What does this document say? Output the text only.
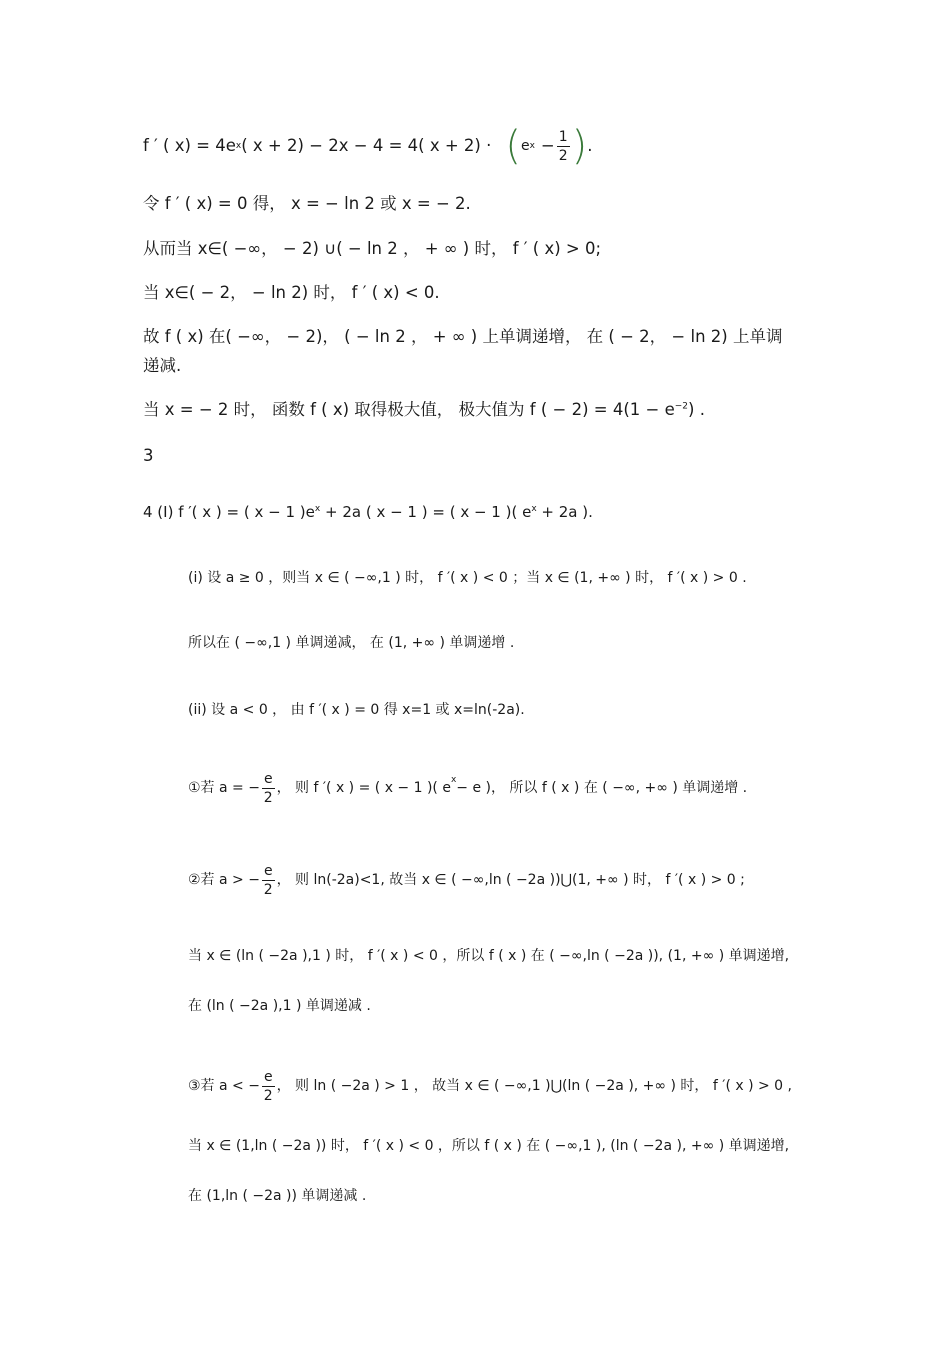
f ′ ( x) = 4e x ( x + 2) − 2x − 4 = 4( x + 2) · ( e $x - \frac{1}{2}$ ) .
令 f ′ ( x) = 0 得， x = − ln 2 或 x = − 2.
从而当 x∈( −∞， − 2) ∪( − ln 2 ， + ∞ ) 时， f ′ ( x) > 0;
当 x∈( − 2， − ln 2) 时， f ′ ( x) < 0.
故 f ( x) 在( −∞， − 2)， ( − ln 2 ， + ∞ ) 上单调递增， 在 ( − 2， − ln 2) 上单调
递减.
当 x = − 2 时， 函数 f ( x) 取得极大值， 极大值为 f ( − $2) = 4(1 - e^{-2})$ .
3
4 (I) f ′( x ) = ( x − 1 )$e^x + 2a$ ( x − 1 ) = ( x − 1 )( $e^x + 2a$ ).
(i) 设 a ≥ 0 ，则当 x ∈ ( −∞,1 ) 时， f ′( x ) < 0 ；当 x ∈ (1, +∞ ) 时， f ′( x ) > 0 .
所以在 ( −∞,1 ) 单调递减， 在 (1, +∞ ) 单调递增 .
(ii) 设 a < 0 ， 由 f ′( x ) = 0 得 x=1 或 x=ln(-2a).
①若 a = − $\frac{e}{2}$ ， 则 f ′( x ) = ( x − 1 )( $e^x - e$ )， 所以 f ( x ) 在 ( −∞, +∞ ) 单调递增 .
②若 a > − $\frac{e}{2}$ ， 则 ln(-2a)<1, 故当 x ∈ ( −∞,ln ( −2a ))⋃(1, +∞ ) 时， f ′( x ) > 0 ;
当 x ∈ (ln ( −2a ),1 ) 时， f ′( x ) < 0 ，所以 f ( x ) 在 ( −∞,ln ( −2a )), (1, +∞ ) 单调递增,
在 (ln ( −2a ),1 ) 单调递减 .
③若 a < − $\frac{e}{2}$ ， 则 ln ( −2a ) > 1 ， 故当 x ∈ ( −∞,1 )⋃(ln ( −2a ), +∞ ) 时， f ′( x ) > 0 ,
当 x ∈ (1,ln ( −2a )) 时， f ′( x ) < 0 ，所以 f ( x ) 在 ( −∞,1 ), (ln ( −2a ), +∞ ) 单调递增,
在 (1,ln ( −2a )) 单调递减 .
